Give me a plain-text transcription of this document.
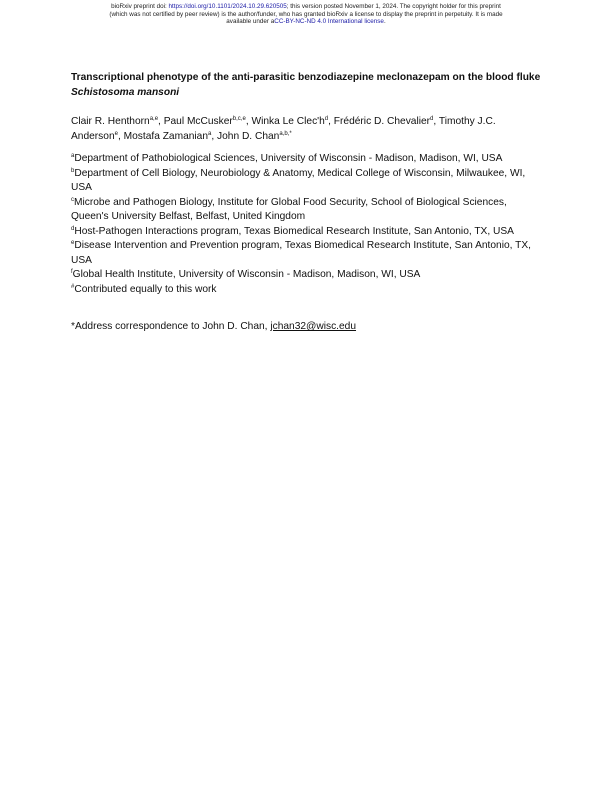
bioRxiv preprint doi: https://doi.org/10.1101/2024.10.29.620505; this version posted November 1, 2024. The copyright holder for this preprint
(which was not certified by peer review) is the author/funder, who has granted bioRxiv a license to display the preprint in perpetuity. It is made
available under aCC-BY-NC-ND 4.0 International license.
Transcriptional phenotype of the anti-parasitic benzodiazepine meclonazepam on the blood fluke Schistosoma mansoni
Clair R. Henthorn$^{a,e}$, Paul McCusker$^{b,c,e}$, Winka Le $Clec'h^d$, Frédéric D. Chevalier$^d$, Timothy J.C. Anderson$^e$, Mostafa Zamanian$^a$, John D. Chan$^{a,b,*}$
$^a$Department of Pathobiological Sciences, University of Wisconsin - Madison, Madison, WI, USA
$^b$Department of Cell Biology, Neurobiology & Anatomy, Medical College of Wisconsin, Milwaukee, WI, USA
$^c$Microbe and Pathogen Biology, Institute for Global Food Security, School of Biological Sciences, Queen's University Belfast, Belfast, United Kingdom
$^d$Host-Pathogen Interactions program, Texas Biomedical Research Institute, San Antonio, TX, USA
$^e$Disease Intervention and Prevention program, Texas Biomedical Research Institute, San Antonio, TX, USA
$^f$Global Health Institute, University of Wisconsin - Madison, Madison, WI, USA
#Contributed equally to this work
*Address correspondence to John D. Chan, jchan32@wisc.edu
